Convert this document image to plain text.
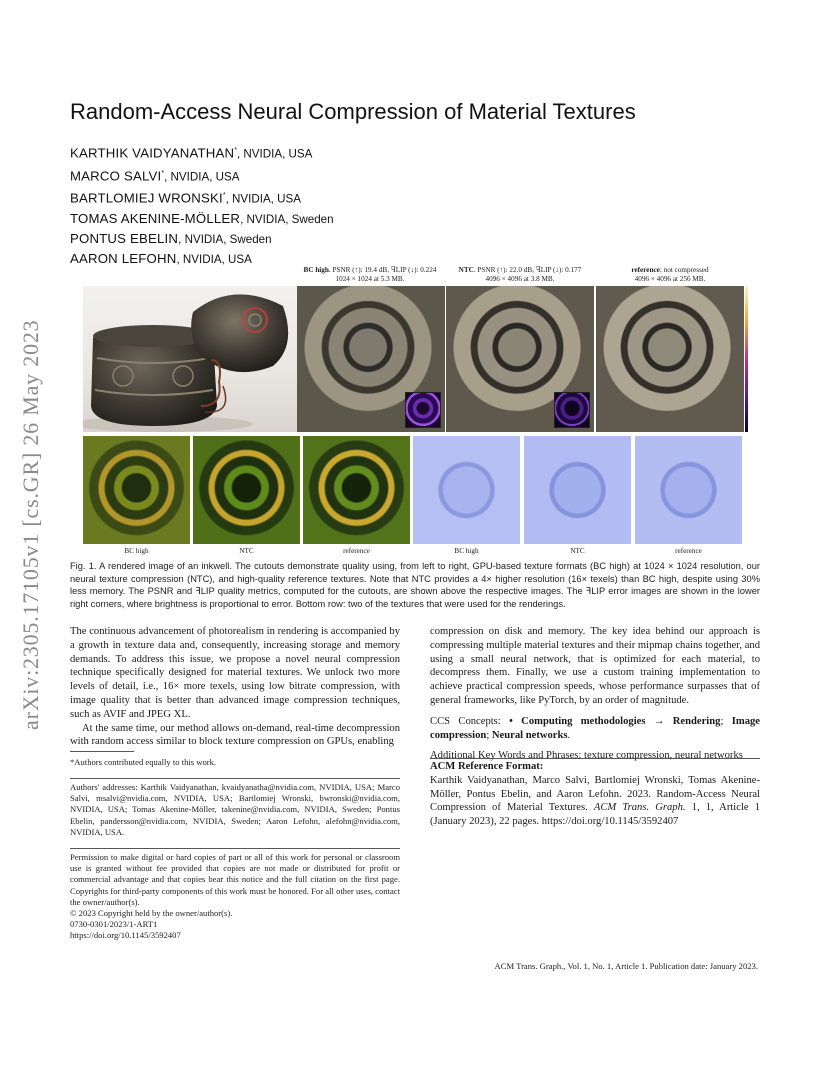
arXiv:2305.17105v1 [cs.GR] 26 May 2023
Random-Access Neural Compression of Material Textures
KARTHIK VAIDYANATHAN*, NVIDIA, USA
MARCO SALVI*, NVIDIA, USA
BARTLOMIEJ WRONSKI*, NVIDIA, USA
TOMAS AKENINE-MÖLLER, NVIDIA, Sweden
PONTUS EBELIN, NVIDIA, Sweden
AARON LEFOHN, NVIDIA, USA
BC high. PSNR (↑): 19.4 dB, ꟻLIP (↓): 0.224
1024 × 1024 at 5.3 MB.
NTC. PSNR (↑): 22.0 dB, ꟻLIP (↓): 0.177
4096 × 4096 at 3.8 MB.
reference: not compressed
4096 × 4096 at 256 MB.
BC high	NTC	reference	BC high	NTC	reference
Fig. 1. A rendered image of an inkwell. The cutouts demonstrate quality using, from left to right, GPU-based texture formats (BC high) at 1024 × 1024 resolution, our neural texture compression (NTC), and high-quality reference textures. Note that NTC provides a 4× higher resolution (16× texels) than BC high, despite using 30% less memory. The PSNR and ꟻLIP quality metrics, computed for the cutouts, are shown above the respective images. The ꟻLIP error images are shown in the lower right corners, where brightness is proportional to error. Bottom row: two of the textures that were used for the renderings.

The continuous advancement of photorealism in rendering is accompanied by a growth in texture data and, consequently, increasing storage and memory demands. To address this issue, we propose a novel neural compression technique specifically designed for material textures. We unlock two more levels of detail, i.e., 16× more texels, using low bitrate compression, with image quality that is better than advanced image compression techniques, such as AVIF and JPEG XL.

At the same time, our method allows on-demand, real-time decompression with random access similar to block texture compression on GPUs, enabling

*Authors contributed equally to this work.
Authors' addresses: Karthik Vaidyanathan, kvaidyanatha@nvidia.com, NVIDIA, USA; Marco Salvi, msalvi@nvidia.com, NVIDIA, USA; Bartlomiej Wronski, bwronski@nvidia.com, NVIDIA, USA; Tomas Akenine-Möller, takenine@nvidia.com, NVIDIA, Sweden; Pontus Ebelin, pandersson@nvidia.com, NVIDIA, Sweden; Aaron Lefohn, alefohn@nvidia.com, NVIDIA, USA.
Permission to make digital or hard copies of part or all of this work for personal or classroom use is granted without fee provided that copies are not made or distributed for profit or commercial advantage and that copies bear this notice and the full citation on the first page. Copyrights for third-party components of this work must be honored. For all other uses, contact the owner/author(s).
© 2023 Copyright held by the owner/author(s).
0730-0301/2023/1-ART1
https://doi.org/10.1145/3592407

compression on disk and memory. The key idea behind our approach is compressing multiple material textures and their mipmap chains together, and using a small neural network, that is optimized for each material, to decompress them. Finally, we use a custom training implementation to achieve practical compression speeds, whose performance surpasses that of general frameworks, like PyTorch, by an order of magnitude.

CCS Concepts: • Computing methodologies → Rendering; Image compression; Neural networks.

Additional Key Words and Phrases: texture compression, neural networks

ACM Reference Format:

Karthik Vaidyanathan, Marco Salvi, Bartlomiej Wronski, Tomas Akenine-Möller, Pontus Ebelin, and Aaron Lefohn. 2023. Random-Access Neural Compression of Material Textures. ACM Trans. Graph. 1, 1, Article 1 (January 2023), 22 pages. https://doi.org/10.1145/3592407

ACM Trans. Graph., Vol. 1, No. 1, Article 1. Publication date: January 2023.
